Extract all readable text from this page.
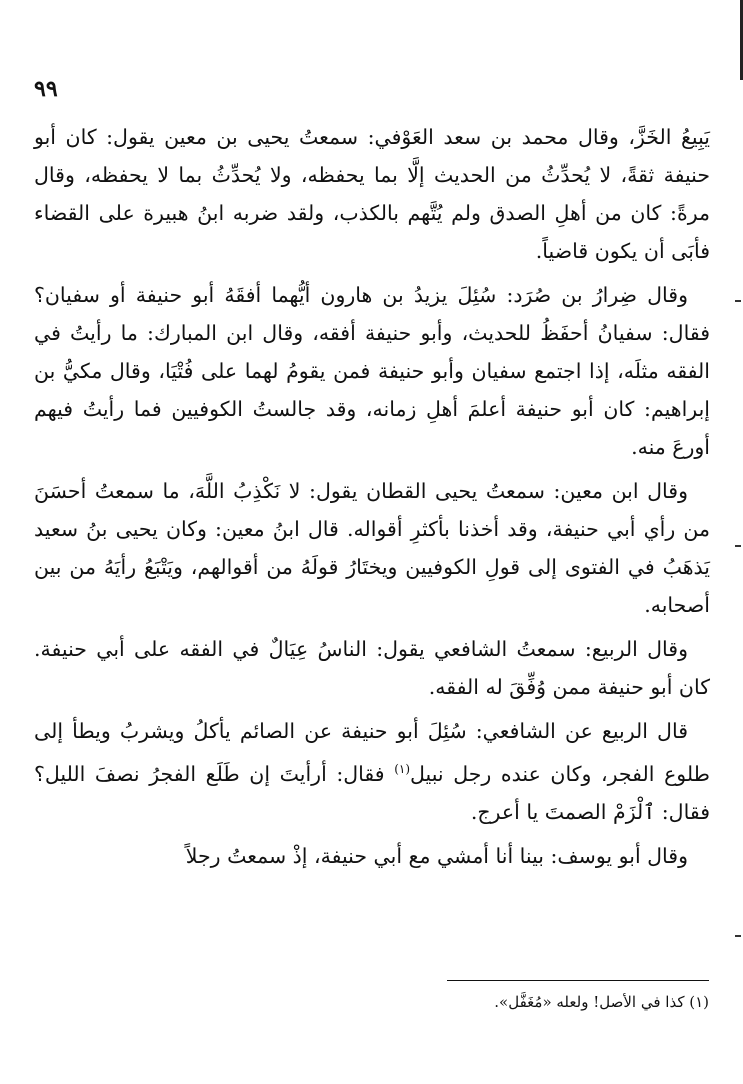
٩٩

يَبِيعُ الخَزَّ، وقال محمد بن سعد العَوْفي: سمعتُ يحيى بن معين يقول: كان أبو حنيفة ثقةً، لا يُحدِّثُ من الحديث إلَّا بما يحفظه، ولا يُحدِّثُ بما لا يحفظه، وقال مرةً: كان من أهلِ الصدق ولم يُتَّهم بالكذب، ولقد ضربه ابنُ هبيرة على القضاء فأبَى أن يكون قاضياً.

وقال ضِرارُ بن صُرَد: سُئِلَ يزيدُ بن هارون أيُّهما أفقَهُ أبو حنيفة أو سفيان؟ فقال: سفيانُ أحفَظُ للحديث، وأبو حنيفة أفقه، وقال ابن المبارك: ما رأيتُ في الفقه مثلَه، إذا اجتمع سفيان وأبو حنيفة فمن يقومُ لهما على فُتْيَا، وقال مكيُّ بن إبراهيم: كان أبو حنيفة أعلمَ أهلِ زمانه، وقد جالستُ الكوفيين فما رأيتُ فيهم أورعَ منه.

وقال ابن معين: سمعتُ يحيى القطان يقول: لا نَكْذِبُ اللَّهَ، ما سمعتُ أحسَنَ من رأي أبي حنيفة، وقد أخذنا بأكثرِ أقواله. قال ابنُ معين: وكان يحيى بنُ سعيد يَذهَبُ في الفتوى إلى قولِ الكوفيين ويختَارُ قولَهُ من أقوالهم، ويَتْبَعُ رأيَهُ من بين أصحابه.

وقال الربيع: سمعتُ الشافعي يقول: الناسُ عِيَالٌ في الفقه على أبي حنيفة. كان أبو حنيفة ممن وُفِّقَ له الفقه.

قال الربيع عن الشافعي: سُئِلَ أبو حنيفة عن الصائم يأكلُ ويشربُ ويطأ إلى طلوع الفجر، وكان عنده رجل نبيل$^{(١)}$ فقال: أرأيتَ إن طَلَع الفجرُ نصفَ الليل؟ فقال: ٱلْزَمْ الصمتَ يا أعرج.

وقال أبو يوسف: بينا أنا أمشي مع أبي حنيفة، إذْ سمعتُ رجلاً

(١) كذا في الأصل! ولعله «مُغَفَّل».
